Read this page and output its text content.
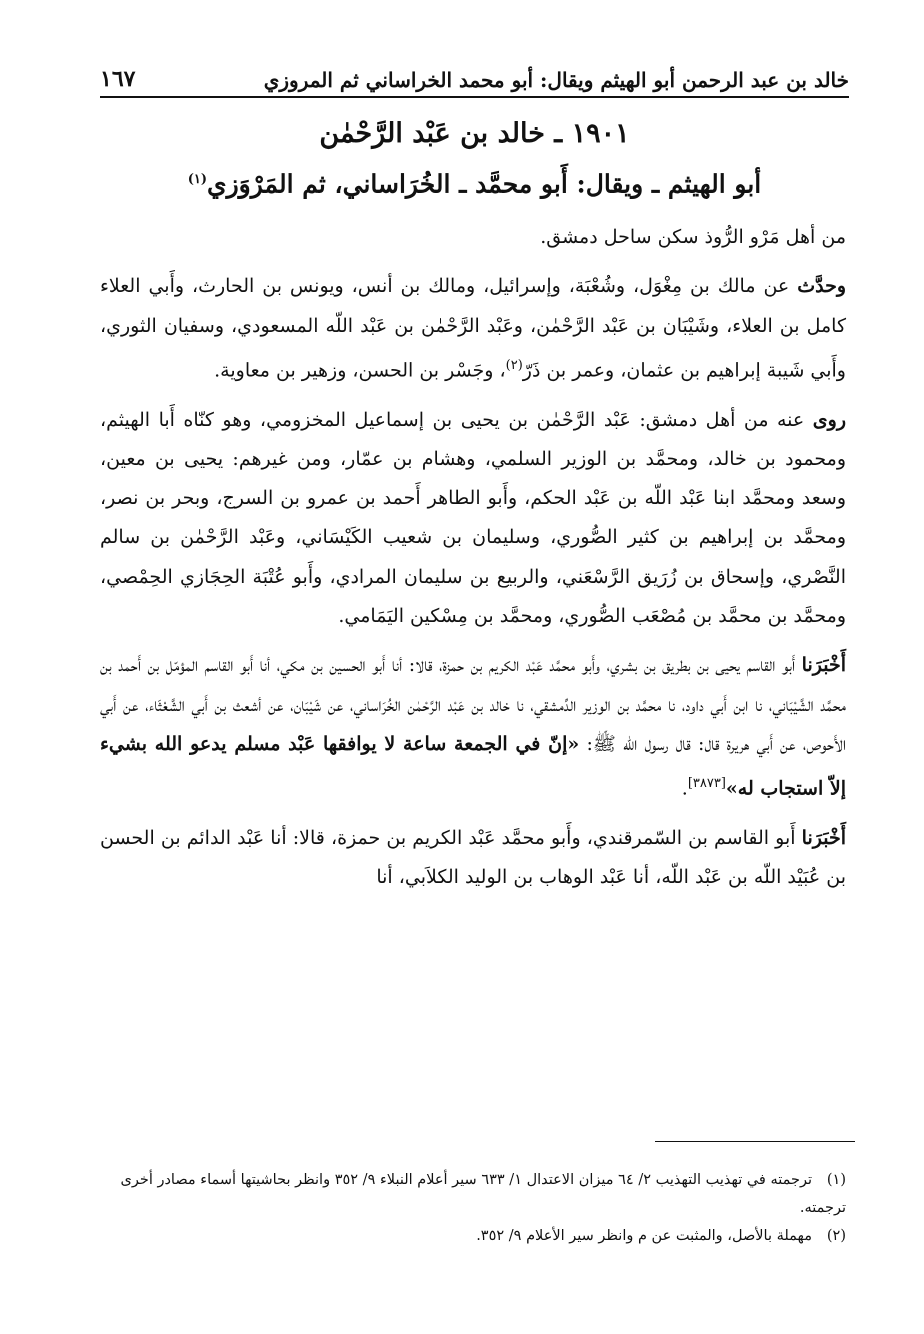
خالد بن عبد الرحمن أبو الهيثم ويقال: أبو محمد الخراساني ثم المروزي
١٦٧
١٩٠١ ـ خالد بن عَبْد الرَّحْمٰن
أبو الهيثم ـ ويقال: أَبو محمَّد ـ الخُرَاساني، ثم المَرْوَزي$^{(١)}$

من أهل مَرْو الرُّوذ سكن ساحل دمشق.

وحدَّث عن مالك بن مِغْوَل، وشُعْبَة، وإسرائيل، ومالك بن أنس، ويونس بن الحارث، وأَبي العلاء كامل بن العلاء، وشَيْبَان بن عَبْد الرَّحْمٰن، وعَبْد الرَّحْمٰن بن عَبْد اللّه المسعودي، وسفيان الثوري، وأَبي شَيبة إبراهيم بن عثمان، وعمر بن ذَرّ$^{(٢)}$، وجَسْر بن الحسن، وزهير بن معاوية.

روى عنه من أهل دمشق: عَبْد الرَّحْمٰن بن يحيى بن إسماعيل المخزومي، وهو كنّاه أَبا الهيثم، ومحمود بن خالد، ومحمَّد بن الوزير السلمي، وهشام بن عمّار، ومن غيرهم: يحيى بن معين، وسعد ومحمَّد ابنا عَبْد اللّه بن عَبْد الحكم، وأَبو الطاهر أَحمد بن عمرو بن السرج، وبحر بن نصر، ومحمَّد بن إبراهيم بن كثير الصُّوري، وسليمان بن شعيب الكَيْسَاني، وعَبْد الرَّحْمٰن بن سالم النَّصْري، وإسحاق بن زُرَيق الرَّسْعَني، والربيع بن سليمان المرادي، وأَبو عُتْبَة الحِجَازي الحِمْصي، ومحمَّد بن محمَّد بن مُصْعَب الصُّوري، ومحمَّد بن مِسْكين اليَمَامي.

أَخْبَرَنا أَبو القاسم يحيى بن بطريق بن بشري، وأَبو محمَّد عَبْد الكريم بن حمزة، قالا: أنا أَبو الحسين بن مكي، أنا أَبو القاسم المؤمّل بن أَحمد بن محمَّد الشَّيْبَاني، نا ابن أَبي داود، نا محمَّد بن الوزير الدِّمشقي، نا خالد بن عَبْد الرَّحْمٰن الخُرَاساني، عن شَيْبَان، عن أشعث بن أَبي الشَّعْثَاء، عن أَبي الأَحوص، عن أَبي هريرة قال: قال رسول الله ﷺ: «إنّ في الجمعة ساعة لا يوافقها عَبْد مسلم يدعو الله بشيء إلاّ استجاب له»[٣٨٧٣].

أَخْبَرَنا أَبو القاسم بن السّمرقندي، وأَبو محمَّد عَبْد الكريم بن حمزة، قالا: أنا عَبْد الدائم بن الحسن بن عُبَيْد اللّه بن عَبْد اللّه، أنا عَبْد الوهاب بن الوليد الكلاَبي، أنا

(١)ترجمته في تهذيب التهذيب ٢/ ٦٤ ميزان الاعتدال ١/ ٦٣٣ سير أعلام النبلاء ٩/ ٣٥٢ وانظر بحاشيتها أسماء مصادر أخرى ترجمته.

(٢)مهملة بالأصل، والمثبت عن م وانظر سير الأعلام ٩/ ٣٥٢.
